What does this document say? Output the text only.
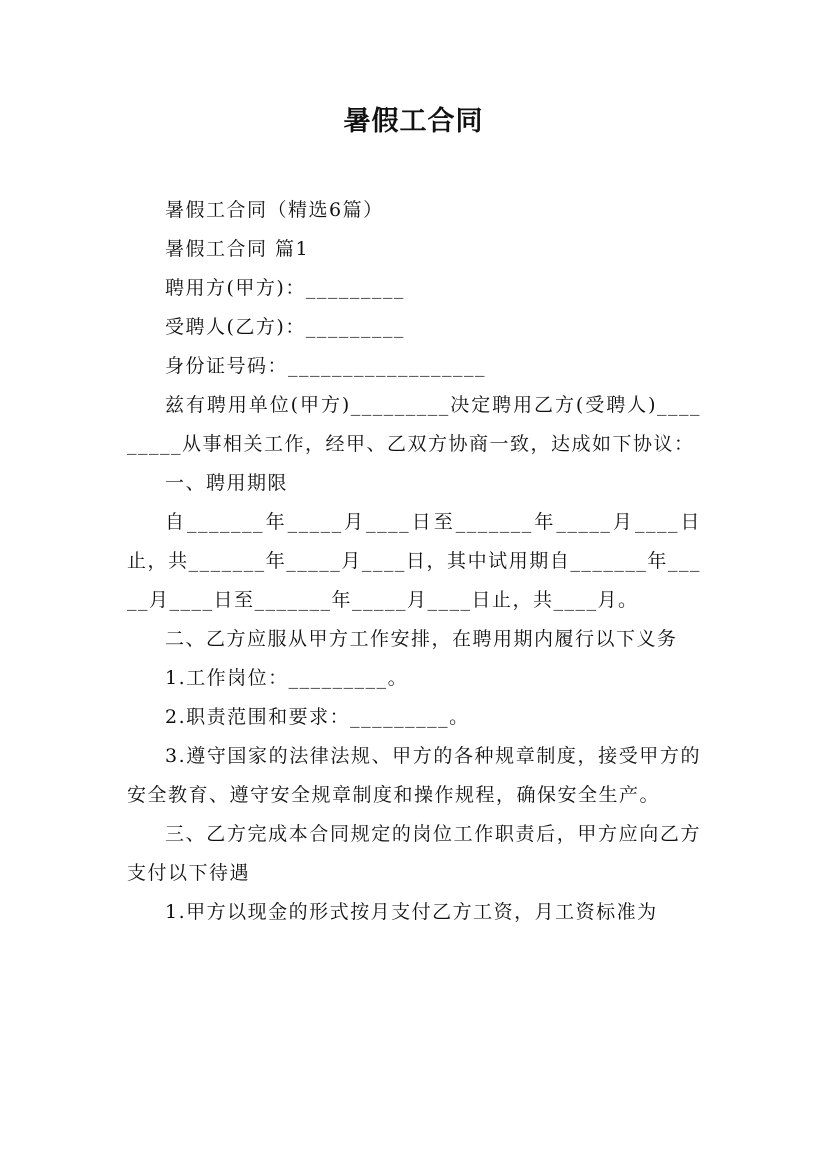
暑假工合同

暑假工合同（精选6篇）

暑假工合同 篇1

聘用方(甲方)：_________

受聘人(乙方)：_________

身份证号码：__________________

兹有聘用单位(甲方)_________决定聘用乙方(受聘人)_________从事相关工作，经甲、乙双方协商一致，达成如下协议：

一、聘用期限

自_______年_____月____日至_______年_____月____日止，共_______年_____月____日，其中试用期自_______年_____月____日至_______年_____月____日止，共____月。

二、乙方应服从甲方工作安排，在聘用期内履行以下义务

1.工作岗位：_________。

2.职责范围和要求：_________。

3.遵守国家的法律法规、甲方的各种规章制度，接受甲方的安全教育、遵守安全规章制度和操作规程，确保安全生产。

三、乙方完成本合同规定的岗位工作职责后，甲方应向乙方支付以下待遇

1.甲方以现金的形式按月支付乙方工资，月工资标准为
